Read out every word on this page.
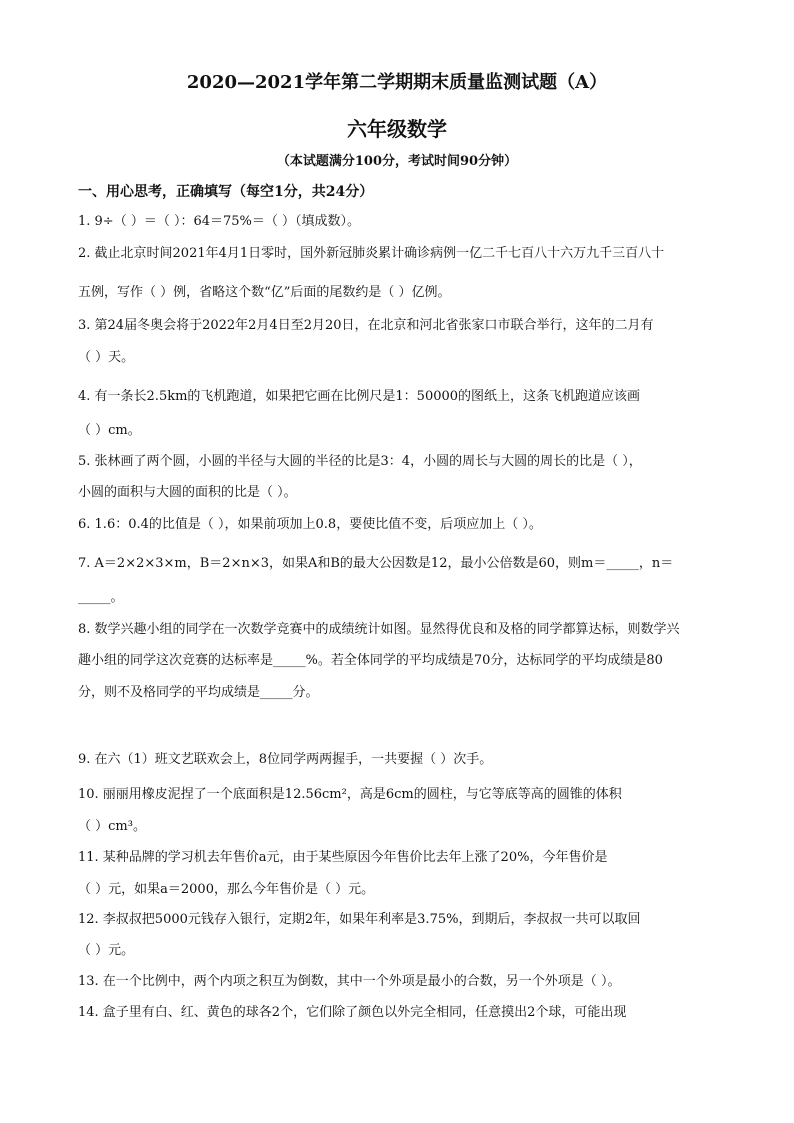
2020—2021学年第二学期期末质量监测试题（A）
六年级数学
（本试题满分100分，考试时间90分钟）
一、用心思考，正确填写（每空1分，共24分）

1. 9÷（ ）＝（ ）：64＝75%＝（ ）（填成数）。

2. 截止北京时间2021年4月1日零时，国外新冠肺炎累计确诊病例一亿二千七百八十六万九千三百八十

五例，写作（ ）例，省略这个数“亿”后面的尾数约是（ ）亿例。

3. 第24届冬奥会将于2022年2月4日至2月20日，在北京和河北省张家口市联合举行，这年的二月有

（ ）天。

4. 有一条长2.5km的飞机跑道，如果把它画在比例尺是1：50000的图纸上，这条飞机跑道应该画

（ ）cm。

5. 张林画了两个圆，小圆的半径与大圆的半径的比是3：4，小圆的周长与大圆的周长的比是（ ），

小圆的面积与大圆的面积的比是（ ）。

6. 1.6：0.4的比值是（ ），如果前项加上0.8，要使比值不变，后项应加上（ ）。

7. A＝2×2×3×m，B＝2×n×3，如果A和B的最大公因数是12，最小公倍数是60，则m＝_____，n＝

_____。

8. 数学兴趣小组的同学在一次数学竞赛中的成绩统计如图。显然得优良和及格的同学都算达标，则数学兴

趣小组的同学这次竞赛的达标率是_____%。若全体同学的平均成绩是70分，达标同学的平均成绩是80

分，则不及格同学的平均成绩是_____分。

9. 在六（1）班文艺联欢会上，8位同学两两握手，一共要握（ ）次手。

10. 丽丽用橡皮泥捏了一个底面积是12.56cm²，高是6cm的圆柱，与它等底等高的圆锥的体积

（ ）cm³。

11. 某种品牌的学习机去年售价a元，由于某些原因今年售价比去年上涨了20%，今年售价是

（ ）元，如果a＝2000，那么今年售价是（ ）元。

12. 李叔叔把5000元钱存入银行，定期2年，如果年利率是3.75%，到期后，李叔叔一共可以取回

（ ）元。

13. 在一个比例中，两个内项之积互为倒数，其中一个外项是最小的合数，另一个外项是（ ）。

14. 盒子里有白、红、黄色的球各2个，它们除了颜色以外完全相同，任意摸出2个球，可能出现
